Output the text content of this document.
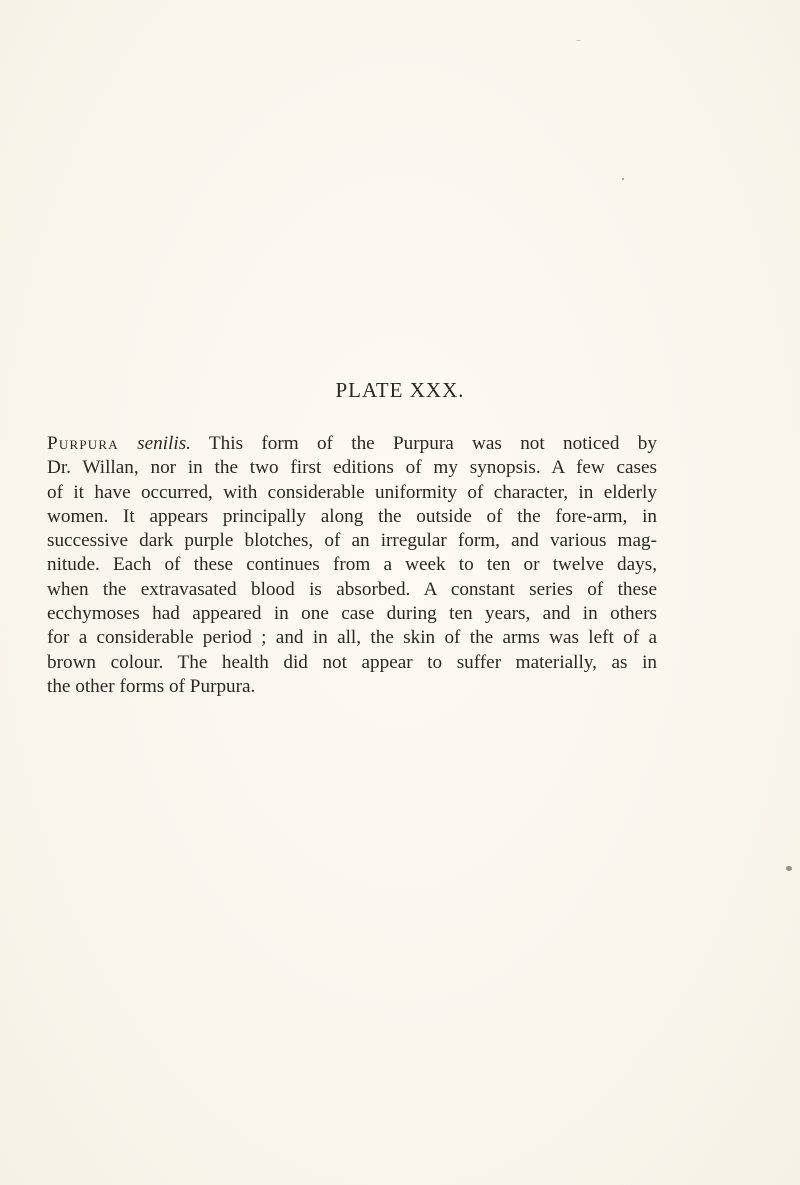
PLATE XXX.
Purpura senilis. This form of the Purpura was not noticed by
Dr. Willan, nor in the two first editions of my synopsis. A few cases
of it have occurred, with considerable uniformity of character, in elderly
women. It appears principally along the outside of the fore-arm, in
successive dark purple blotches, of an irregular form, and various mag-
nitude. Each of these continues from a week to ten or twelve days,
when the extravasated blood is absorbed. A constant series of these
ecchymoses had appeared in one case during ten years, and in others
for a considerable period ; and in all, the skin of the arms was left of a
brown colour. The health did not appear to suffer materially, as in
the other forms of Purpura.
